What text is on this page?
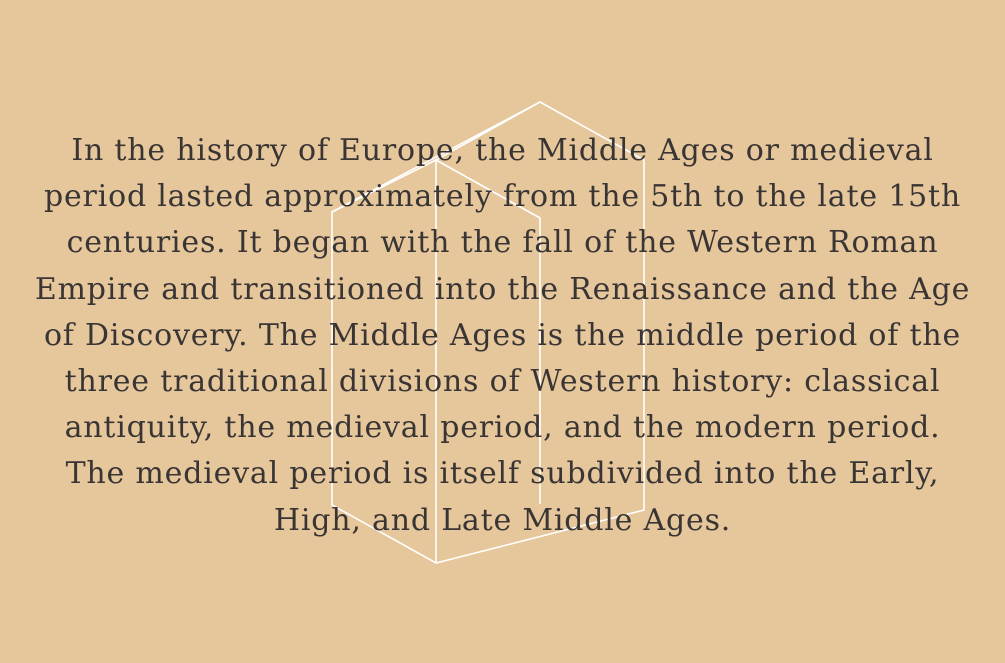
In the history of Europe, the Middle Ages or medieval
period lasted approximately from the 5th to the late 15th
centuries. It began with the fall of the Western Roman
Empire and transitioned into the Renaissance and the Age
of Discovery. The Middle Ages is the middle period of the
three traditional divisions of Western history: classical
antiquity, the medieval period, and the modern period.
The medieval period is itself subdivided into the Early,
High, and Late Middle Ages.
